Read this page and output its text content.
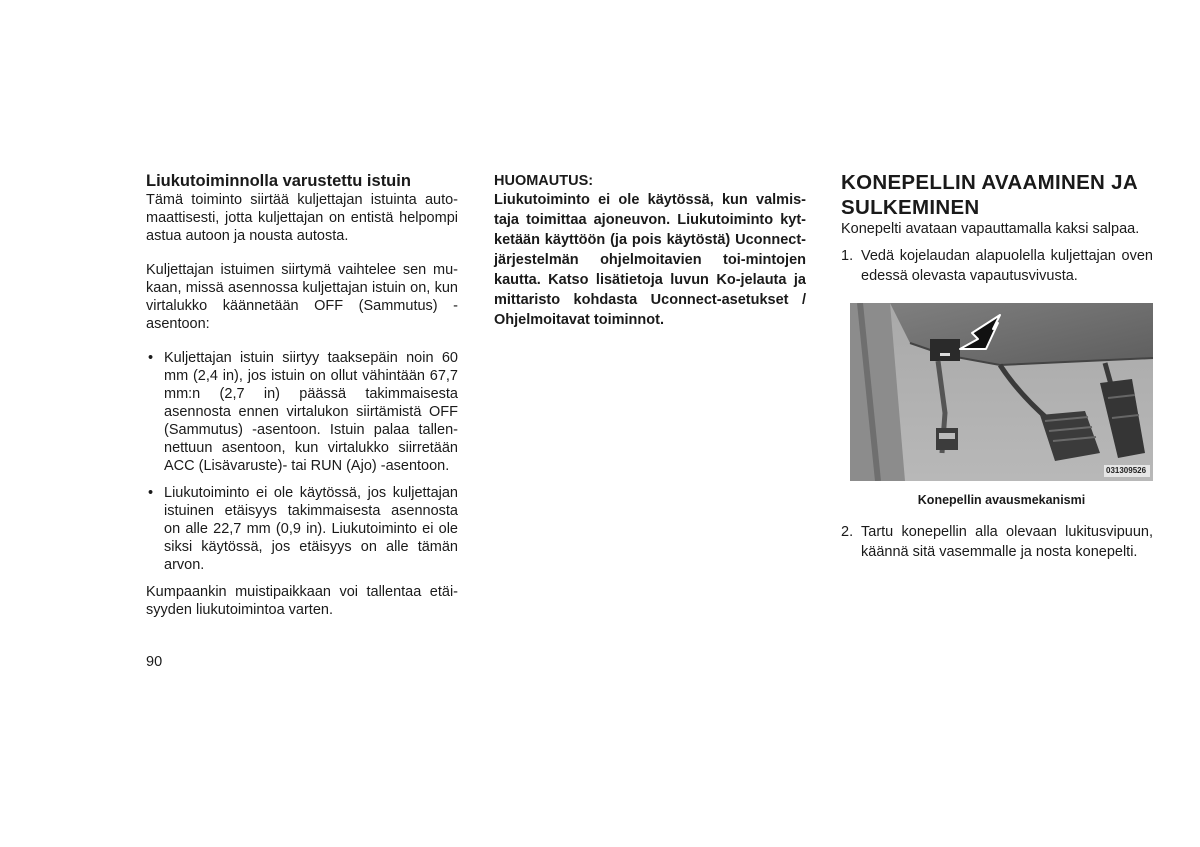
Liukutoiminnolla varustettu istuin

Tämä toiminto siirtää kuljettajan istuinta auto-maattisesti, jotta kuljettajan on entistä helpompi astua autoon ja nousta autosta.

Kuljettajan istuimen siirtymä vaihtelee sen mu-kaan, missä asennossa kuljettajan istuin on, kun virtalukko käännetään OFF (Sammutus) -asentoon:

• Kuljettajan istuin siirtyy taaksepäin noin 60 mm (2,4 in), jos istuin on ollut vähintään 67,7 mm:n (2,7 in) päässä takimmaisesta asennosta ennen virtalukon siirtämistä OFF (Sammutus) -asentoon. Istuin palaa tallen-nettuun asentoon, kun virtalukko siirretään ACC (Lisävaruste)- tai RUN (Ajo) -asentoon.
• Liukutoiminto ei ole käytössä, jos kuljettajan istuinen etäisyys takimmaisesta asennosta on alle 22,7 mm (0,9 in). Liukutoiminto ei ole siksi käytössä, jos etäisyys on alle tämän arvon.

Kumpaankin muistipaikkaan voi tallentaa etäi-syyden liukutoimintoa varten.

HUOMAUTUS:

Liukutoiminto ei ole käytössä, kun valmis-taja toimittaa ajoneuvon. Liukutoiminto kyt-ketään käyttöön (ja pois käytöstä) Uconnect-järjestelmän ohjelmoitavien toi-mintojen kautta. Katso lisätietoja luvun Ko-jelauta ja mittaristo kohdasta Uconnect-asetukset / Ohjelmoitavat toiminnot.

KONEPELLIN AVAAMINEN JA SULKEMINEN

Konepelti avataan vapauttamalla kaksi salpaa.

1. Vedä kojelaudan alapuolella kuljettajan oven edessä olevasta vapautusvivusta.
031309526

Konepellin avausmekanismi

2. Tartu konepellin alla olevaan lukitusvipuun, käännä sitä vasemmalle ja nosta konepelti.
90
